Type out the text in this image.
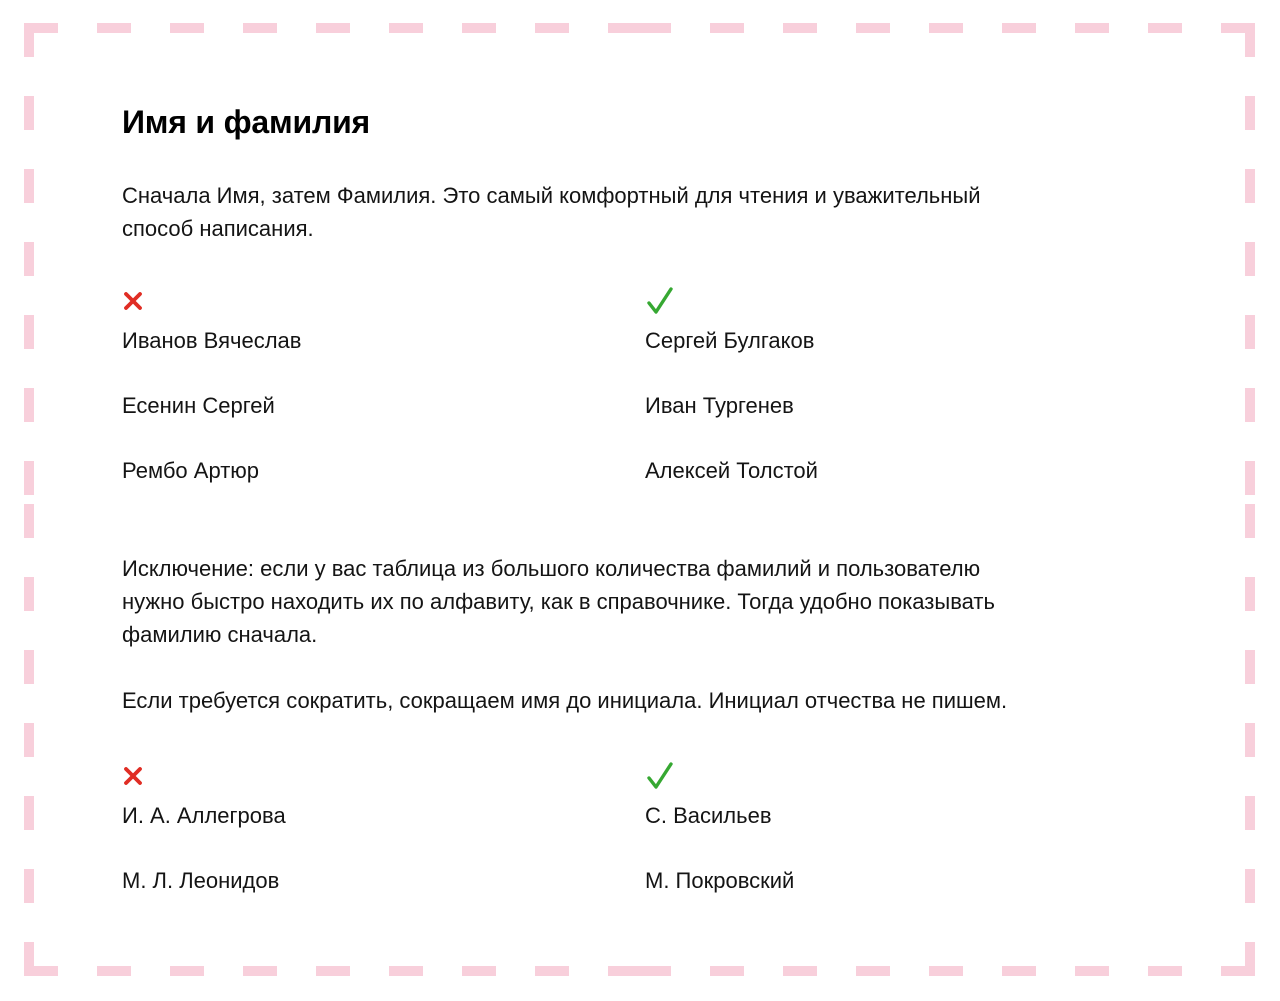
Имя и фамилия
Сначала Имя, затем Фамилия. Это самый комфортный для чтения и уважительный
способ написания.
Иванов Вячеслав
Есенин Сергей
Рембо Артюр
Сергей Булгаков
Иван Тургенев
Алексей Толстой
Исключение: если у вас таблица из большого количества фамилий и пользователю
нужно быстро находить их по алфавиту, как в справочнике. Тогда удобно показывать
фамилию сначала.
Если требуется сократить, сокращаем имя до инициала. Инициал отчества не пишем.
И. А. Аллегрова
М. Л. Леонидов
С. Васильев
М. Покровский
